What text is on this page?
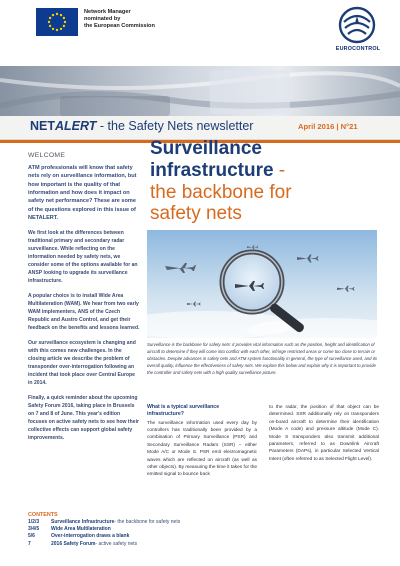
Network Manager
nominated by
the European Commission
EUROCONTROL
NETALERT - the Safety Nets newsletter	April 2016 | N°21
WELCOME
ATM professionals will know that safety nets rely on surveillance information, but how important is the quality of that information and how does it impact on safety net performance? These are some of the questions explored in this issue of NETALERT.
We first look at the differences between traditional primary and secondary radar surveillance. While reflecting on the information needed by safety nets, we consider some of the options available for an ANSP looking to upgrade its surveillance infrastructure.
A popular choice is to install Wide Area Multilateration (WAM). We hear from two early WAM implementers, ANS of the Czech Republic and Austro Control, and get their feedback on the benefits and lessons learned.
Our surveillance ecosystem is changing and with this comes new challenges. In the closing article we describe the problem of transponder over-interrogation following an incident that took place over Central Europe in 2014.
Finally, a quick reminder about the upcoming Safety Forum 2016, taking place in Brussels on 7 and 8 of June. This year's edition focuses on active safety nets to see how their collective effects can support global safety improvements.
Surveillance
infrastructure -
the backbone for
safety nets
Surveillance is the backbone for safety nets: it provides vital information such as the position, height and identification of aircraft to determine if they will come into conflict with each other, infringe restricted areas or come too close to terrain or obstacles. Despite advances in safety nets and ATM system functionality in general, the type of surveillance used, and its overall quality, influence the effectiveness of safety nets. We explore this below and explain why it is important to provide the controller and safety nets with a high quality surveillance picture.
What is a typical surveillance infrastructure?
The surveillance information used every day by controllers has traditionally been provided by a combination of Primary Surveillance (PSR) and Secondary Surveillance Radars (SSR) – either Mode A/C or Mode S. PSR emit electromagnetic waves which are reflected on aircraft (as well as other objects). By measuring the time it takes for the emitted signal to bounce back
to the radar, the position of that object can be determined. SSR additionally rely on transponders on-board aircraft to determine their identification (Mode A code) and pressure altitude (Mode C). Mode S transponders also transmit additional parameters, referred to as Downlink Aircraft Parameters (DAPs), in particular Selected Vertical Intent (often referred to as Selected Flight Level).
CONTENTS
1/2/3	Surveillance Infrastructure - the backbone for safety nets
3/4/5	Wide Area Multilateration
5/6	Over-interrogation draws a blank
7	2016 Safety Forum - active safety nets
